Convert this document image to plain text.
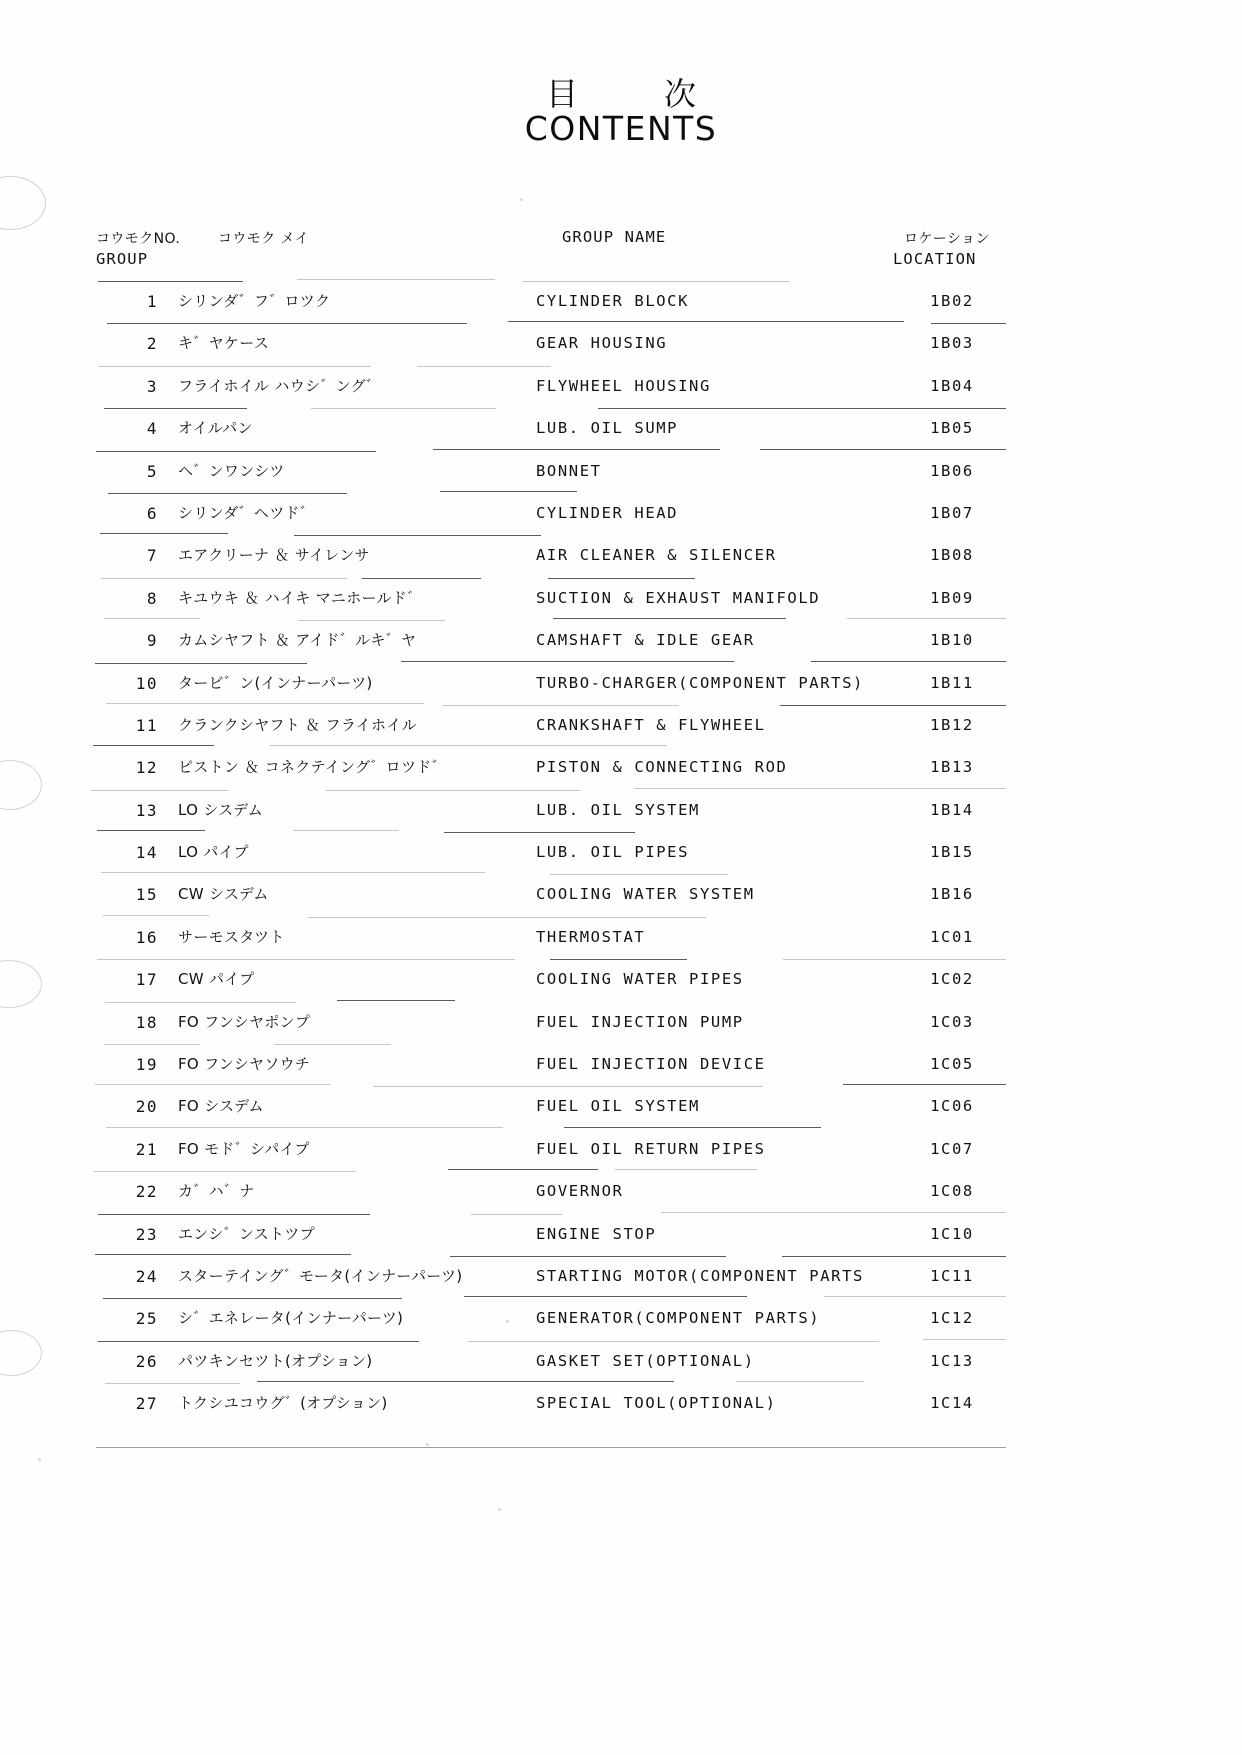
目	次
CONTENTS
コウモクNO.
GROUP
コウモク メイ	GROUP NAME	ロケーション
LOCATION
1 シリンダ゛フ゛ロツク	CYLINDER BLOCK	1B02
2 キ゛ヤケース	GEAR HOUSING	1B03
3 フライホイル ハウシ゛ング゛	FLYWHEEL HOUSING	1B04
4 オイルパン	LUB. OIL SUMP	1B05
5 ヘ゛ンワンシツ	BONNET	1B06
6 シリンダ゛ヘツド゛	CYLINDER HEAD	1B07
7 エアクリーナ ＆ サイレンサ	AIR CLEANER & SILENCER	1B08
8 キユウキ ＆ ハイキ マニホールド゛	SUCTION & EXHAUST MANIFOLD	1B09
9 カムシヤフト ＆ アイド゛ルキ゛ヤ	CAMSHAFT & IDLE GEAR	1B10
10 タービ゛ン(インナーパーツ)	TURBO-CHARGER(COMPONENT PARTS)	1B11
11 クランクシヤフト ＆ フライホイル	CRANKSHAFT & FLYWHEEL	1B12
12 ピストン ＆ コネクテイング゛ロツド゛	PISTON & CONNECTING ROD	1B13
13 LO シスデム	LUB. OIL SYSTEM	1B14
14 LO パイプ	LUB. OIL PIPES	1B15
15 CW シスデム	COOLING WATER SYSTEM	1B16
16 サーモスタツト	THERMOSTAT	1C01
17 CW パイプ	COOLING WATER PIPES	1C02
18 FO フンシヤポンプ	FUEL INJECTION PUMP	1C03
19 FO フンシヤソウチ	FUEL INJECTION DEVICE	1C05
20 FO シスデム	FUEL OIL SYSTEM	1C06
21 FO モド゛シパイプ	FUEL OIL RETURN PIPES	1C07
22 カ゛ハ゛ナ	GOVERNOR	1C08
23 エンシ゛ンストツプ	ENGINE STOP	1C10
24 スターテイング゛モータ(インナーパーツ)	STARTING MOTOR(COMPONENT PARTS	1C11
25 シ゛エネレータ(インナーパーツ)	GENERATOR(COMPONENT PARTS)	1C12
26 パツキンセツト(オプション)	GASKET SET(OPTIONAL)	1C13
27 トクシユコウグ゛(オプション)	SPECIAL TOOL(OPTIONAL)	1C14
